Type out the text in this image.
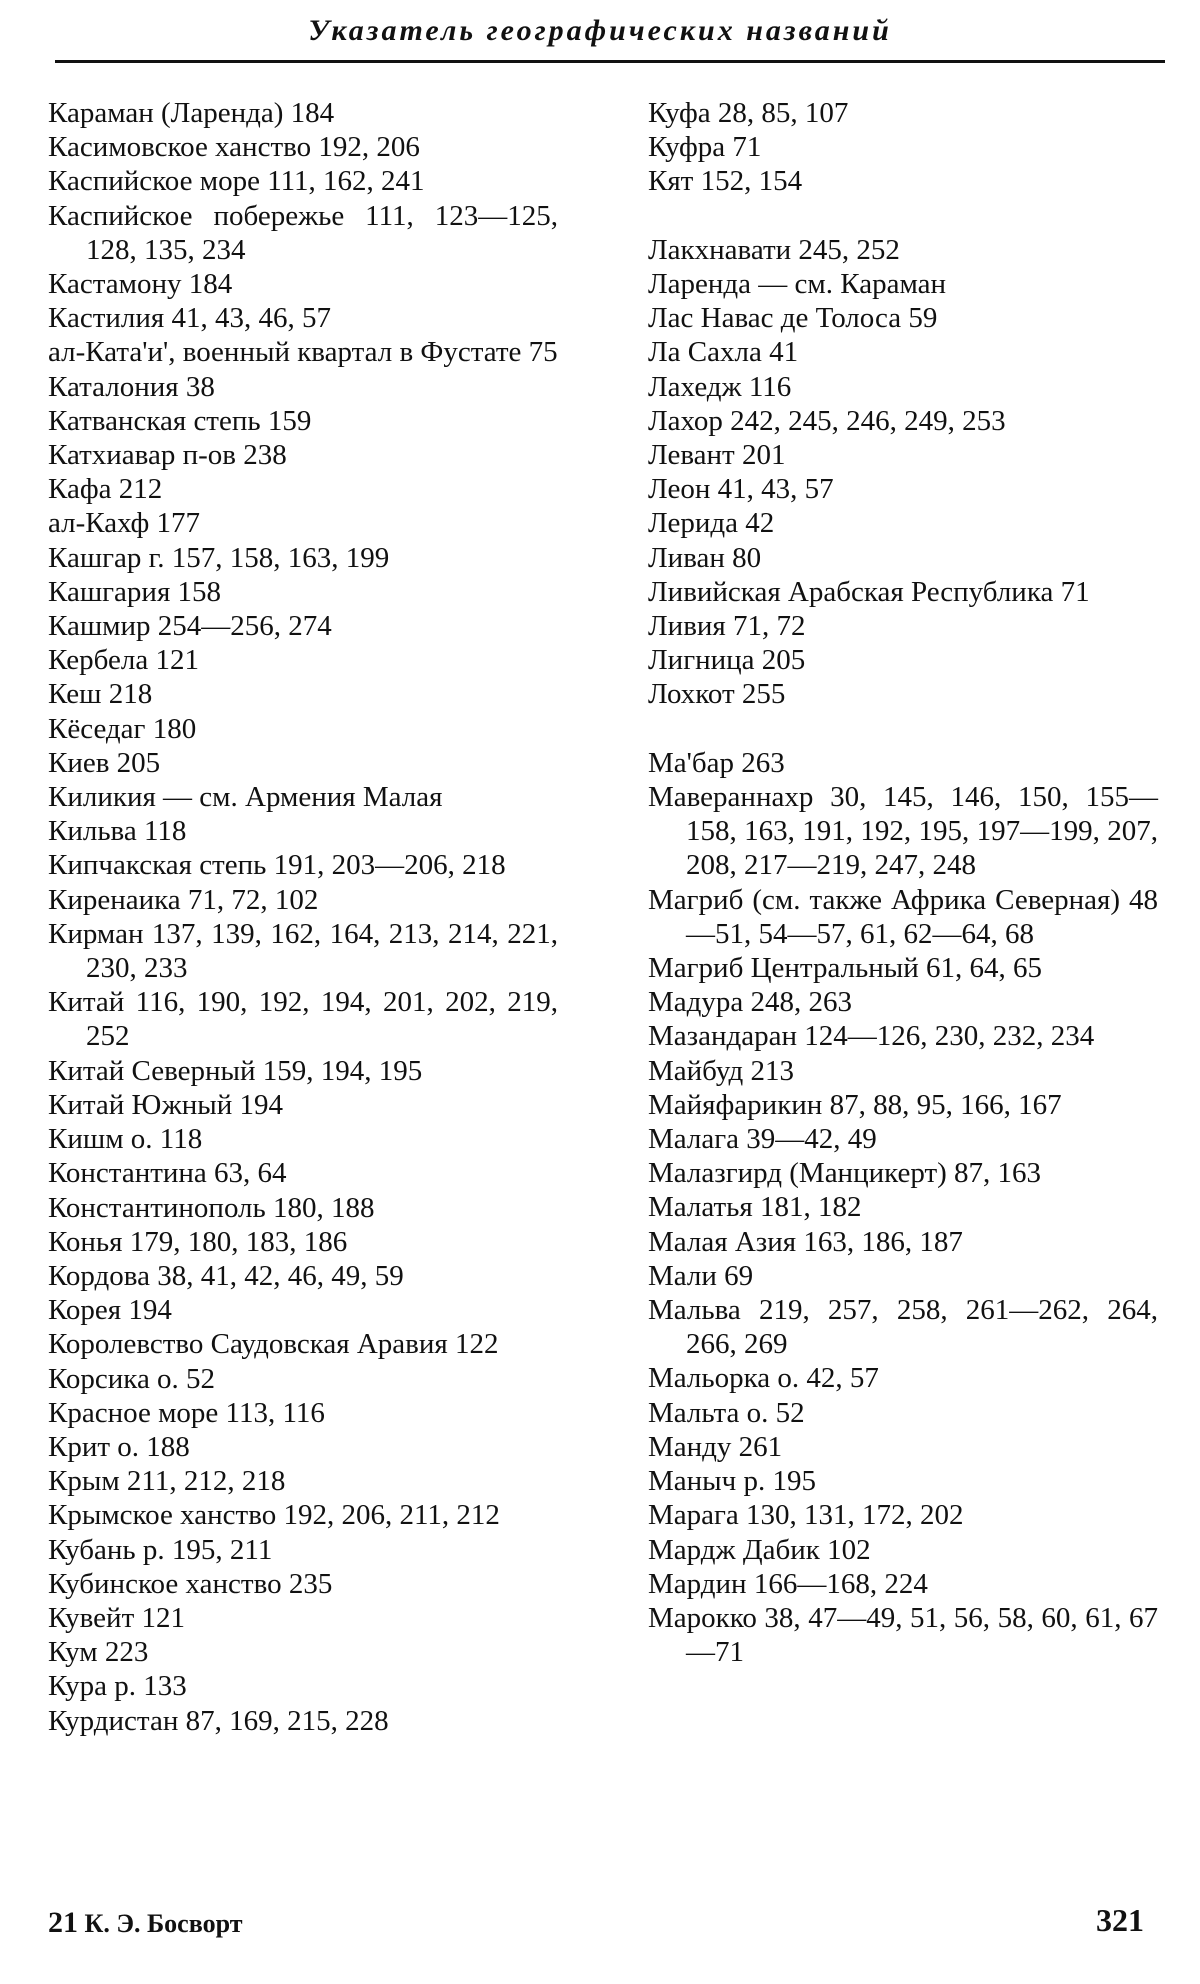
Указатель географических названий
Караман (Ларенда) 184
Касимовское ханство 192, 206
Каспийское море 111, 162, 241
Каспийское побережье 111, 123—125, 128, 135, 234
Кастамону 184
Кастилия 41, 43, 46, 57
ал-Ката'и', военный квартал в Фустате 75
Каталония 38
Катванская степь 159
Катхиавар п-ов 238
Кафа 212
ал-Кахф 177
Кашгар г. 157, 158, 163, 199
Кашгария 158
Кашмир 254—256, 274
Кербела 121
Кеш 218
Кёседаг 180
Киев 205
Киликия — см. Армения Малая
Кильва 118
Кипчакская степь 191, 203—206, 218
Киренаика 71, 72, 102
Кирман 137, 139, 162, 164, 213, 214, 221, 230, 233
Китай 116, 190, 192, 194, 201, 202, 219, 252
Китай Северный 159, 194, 195
Китай Южный 194
Кишм о. 118
Константина 63, 64
Константинополь 180, 188
Конья 179, 180, 183, 186
Кордова 38, 41, 42, 46, 49, 59
Корея 194
Королевство Саудовская Аравия 122
Корсика о. 52
Красное море 113, 116
Крит о. 188
Крым 211, 212, 218
Крымское ханство 192, 206, 211, 212
Кубань р. 195, 211
Кубинское ханство 235
Кувейт 121
Кум 223
Кура р. 133
Курдистан 87, 169, 215, 228
Куфа 28, 85, 107
Куфра 71
Кят 152, 154
Лакхнавати 245, 252
Ларенда — см. Караман
Лас Навас де Толоса 59
Ла Сахла 41
Лахедж 116
Лахор 242, 245, 246, 249, 253
Левант 201
Леон 41, 43, 57
Лерида 42
Ливан 80
Ливийская Арабская Республика 71
Ливия 71, 72
Лигница 205
Лохкот 255
Ма'бар 263
Мавераннахр 30, 145, 146, 150, 155—158, 163, 191, 192, 195, 197—199, 207, 208, 217—219, 247, 248
Магриб (см. также Африка Северная) 48—51, 54—57, 61, 62—64, 68
Магриб Центральный 61, 64, 65
Мадура 248, 263
Мазандаран 124—126, 230, 232, 234
Майбуд 213
Майяфарикин 87, 88, 95, 166, 167
Малага 39—42, 49
Малазгирд (Манцикерт) 87, 163
Малатья 181, 182
Малая Азия 163, 186, 187
Мали 69
Мальва 219, 257, 258, 261—262, 264, 266, 269
Мальорка о. 42, 57
Мальта о. 52
Манду 261
Маныч р. 195
Марага 130, 131, 172, 202
Мардж Дабик 102
Мардин 166—168, 224
Марокко 38, 47—49, 51, 56, 58, 60, 61, 67—71
21 К. Э. Босворт	321
